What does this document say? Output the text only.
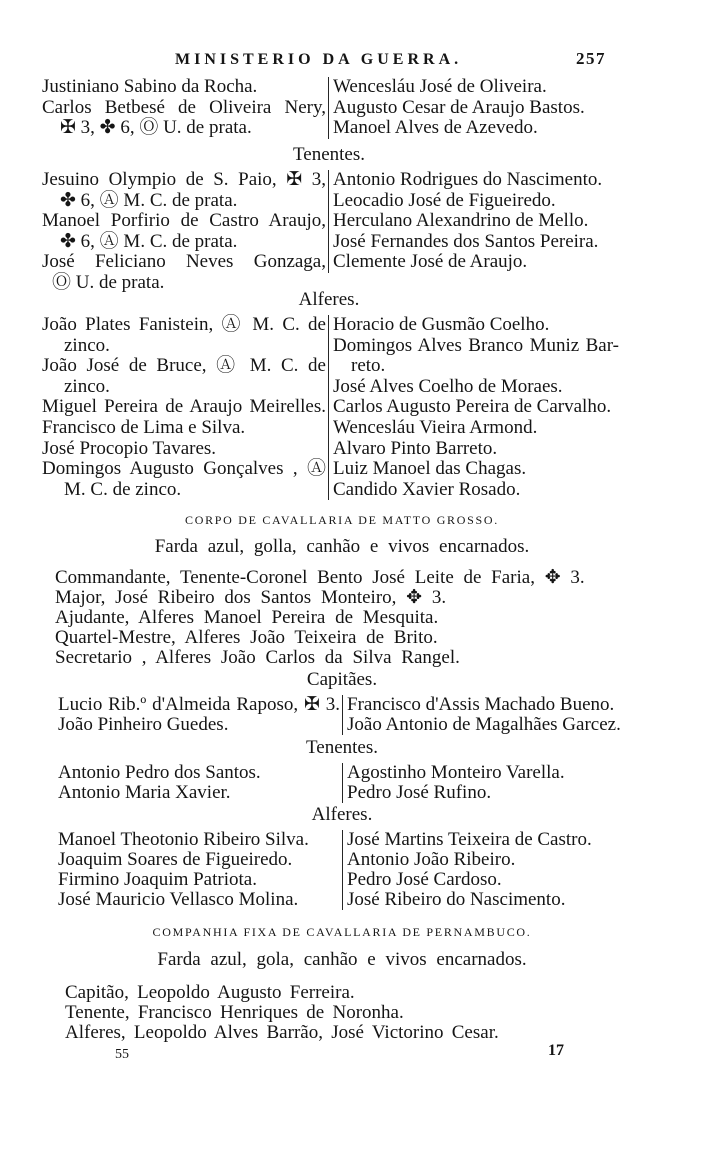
MINISTERIO DA GUERRA.	257
Justiniano Sabino da Rocha.
Carlos Betbesé de Oliveira Nery,
✠ 3, ✤ 6, Ⓞ U. de prata.
Wencesláu José de Oliveira.
Augusto Cesar de Araujo Bastos.
Manoel Alves de Azevedo.
Tenentes.
Jesuino Olympio de S. Paio, ✠ 3,
✤ 6, Ⓐ M. C. de prata.
Manoel Porfirio de Castro Araujo,
✤ 6, Ⓐ M. C. de prata.
José Feliciano Neves Gonzaga,
Ⓞ U. de prata.
Antonio Rodrigues do Nascimento.
Leocadio José de Figueiredo.
Herculano Alexandrino de Mello.
José Fernandes dos Santos Pereira.
Clemente José de Araujo.
Alferes.
João Plates Fanistein, Ⓐ M. C. de
zinco.
João José de Bruce, Ⓐ M. C. de
zinco.
Miguel Pereira de Araujo Meirelles.
Francisco de Lima e Silva.
José Procopio Tavares.
Domingos Augusto Gonçalves , Ⓐ
M. C. de zinco.
Horacio de Gusmão Coelho.
Domingos Alves Branco Muniz Bar-
reto.
José Alves Coelho de Moraes.
Carlos Augusto Pereira de Carvalho.
Wencesláu Vieira Armond.
Alvaro Pinto Barreto.
Luiz Manoel das Chagas.
Candido Xavier Rosado.
CORPO DE CAVALLARIA DE MATTO GROSSO.
Farda azul, golla, canhão e vivos encarnados.
Commandante, Tenente-Coronel Bento José Leite de Faria, ✥ 3.
Major, José Ribeiro dos Santos Monteiro, ✥ 3.
Ajudante, Alferes Manoel Pereira de Mesquita.
Quartel-Mestre, Alferes João Teixeira de Brito.
Secretario , Alferes João Carlos da Silva Rangel.
Capitães.
Lucio Rib.º d'Almeida Raposo, ✠ 3.
João Pinheiro Guedes.
Francisco d'Assis Machado Bueno.
João Antonio de Magalhães Garcez.
Tenentes.
Antonio Pedro dos Santos.
Antonio Maria Xavier.
Agostinho Monteiro Varella.
Pedro José Rufino.
Alferes.
Manoel Theotonio Ribeiro Silva.
Joaquim Soares de Figueiredo.
Firmino Joaquim Patriota.
José Mauricio Vellasco Molina.
José Martins Teixeira de Castro.
Antonio João Ribeiro.
Pedro José Cardoso.
José Ribeiro do Nascimento.
COMPANHIA FIXA DE CAVALLARIA DE PERNAMBUCO.
Farda azul, gola, canhão e vivos encarnados.
Capitão, Leopoldo Augusto Ferreira.
Tenente, Francisco Henriques de Noronha.
Alferes, Leopoldo Alves Barrão, José Victorino Cesar.
55	17
